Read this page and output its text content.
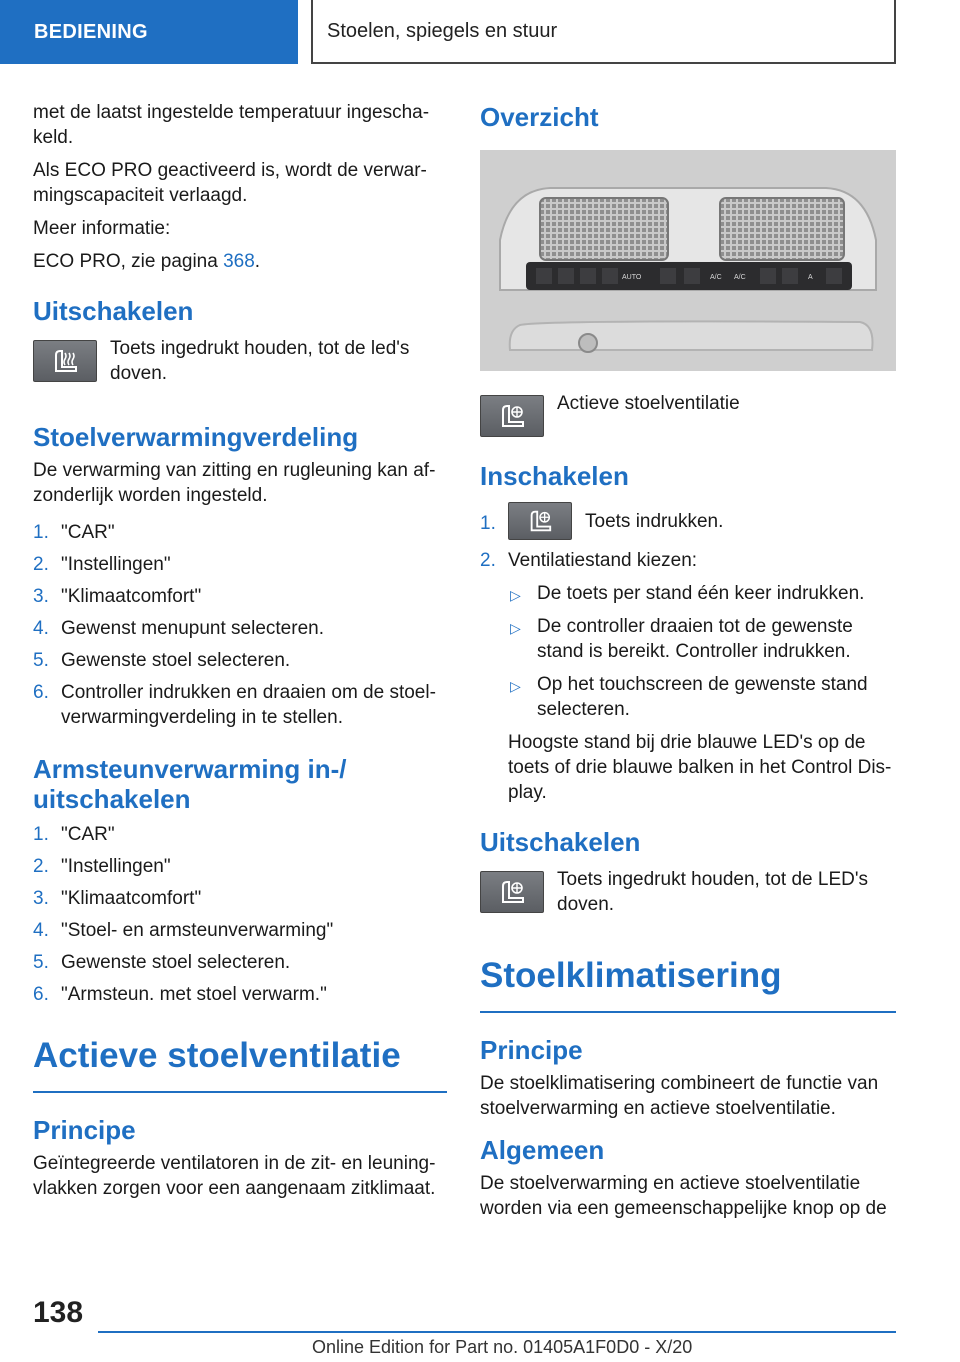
BEDIENING	Stoelen, spiegels en stuur

met de laatst ingestelde temperatuur ingeschakeld.

Als ECO PRO geactiveerd is, wordt de verwarmingscapaciteit verlaagd.

Meer informatie:

ECO PRO, zie pagina 368.

Uitschakelen

Toets ingedrukt houden, tot de led's doven.

Stoelverwarmingverdeling

De verwarming van zitting en rugleuning kan afzonderlijk worden ingesteld.

1. "CAR"
2. "Instellingen"
3. "Klimaatcomfort"
4. Gewenst menupunt selecteren.
5. Gewenste stoel selecteren.
6. Controller indrukken en draaien om de stoelverwarmingverdeling in te stellen.
Armsteunverwarming in-/ uitschakelen
1. "CAR"
2. "Instellingen"
3. "Klimaatcomfort"
4. "Stoel- en armsteunverwarming"
5. Gewenste stoel selecteren.
6. "Armsteun. met stoel verwarm."
Actieve stoelventilatie
Principe

Geïntegreerde ventilatoren in de zit- en leuningvlakken zorgen voor een aangenaam zitklimaat.

Overzicht
AUTO	A/C A/C	A

Actieve stoelventilatie

Inschakelen
1.	Toets indrukken.
2. Ventilatiestand kiezen:
▷ De toets per stand één keer indrukken.
▷ De controller draaien tot de gewenste stand is bereikt. Controller indrukken.
▷ Op het touchscreen de gewenste stand selecteren.

Hoogste stand bij drie blauwe LED's op de toets of drie blauwe balken in het Control Display.

Uitschakelen

Toets ingedrukt houden, tot de LED's doven.

Stoelklimatisering
Principe

De stoelklimatisering combineert de functie van stoelverwarming en actieve stoelventilatie.

Algemeen

De stoelverwarming en actieve stoelventilatie worden via een gemeenschappelijke knop op de

138
Online Edition for Part no. 01405A1F0D0 - X/20
